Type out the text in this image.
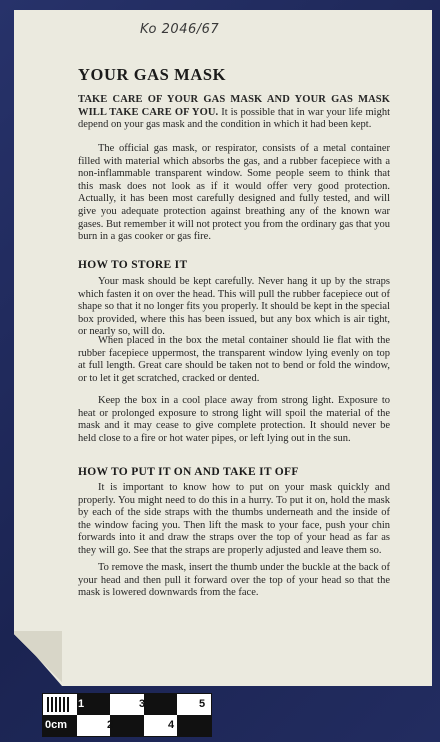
Ko 2046/67
YOUR GAS MASK

TAKE CARE OF YOUR GAS MASK AND YOUR GAS MASK WILL TAKE CARE OF YOU. It is possible that in war your life might depend on your gas mask and the condition in which it had been kept.

The official gas mask, or respirator, consists of a metal container filled with material which absorbs the gas, and a rubber facepiece with a non-inflammable transparent window. Some people seem to think that this mask does not look as if it would offer very good protection. Actually, it has been most carefully designed and fully tested, and will give you adequate protection against breathing any of the known war gases. But remember it will not protect you from the ordinary gas that you burn in a gas cooker or gas fire.

HOW TO STORE IT

Your mask should be kept carefully. Never hang it up by the straps which fasten it on over the head. This will pull the rubber facepiece out of shape so that it no longer fits you properly. It should be kept in the special box provided, where this has been issued, but any box which is air tight, or nearly so, will do.

When placed in the box the metal container should lie flat with the rubber facepiece uppermost, the transparent window lying evenly on top at full length. Great care should be taken not to bend or fold the window, or to let it get scratched, cracked or dented.

Keep the box in a cool place away from strong light. Exposure to heat or prolonged exposure to strong light will spoil the material of the mask and it may cease to give complete protection. It should never be held close to a fire or hot water pipes, or left lying out in the sun.

HOW TO PUT IT ON AND TAKE IT OFF

It is important to know how to put on your mask quickly and properly. You might need to do this in a hurry. To put it on, hold the mask by each of the side straps with the thumbs underneath and the inside of the window facing you. Then lift the mask to your face, push your chin forwards into it and draw the straps over the top of your head as far as they will go. See that the straps are properly adjusted and leave them so.

To remove the mask, insert the thumb under the buckle at the back of your head and then pull it forward over the top of your head so that the mask is lowered downwards from the face.

1	3	5
0cm	2	4
